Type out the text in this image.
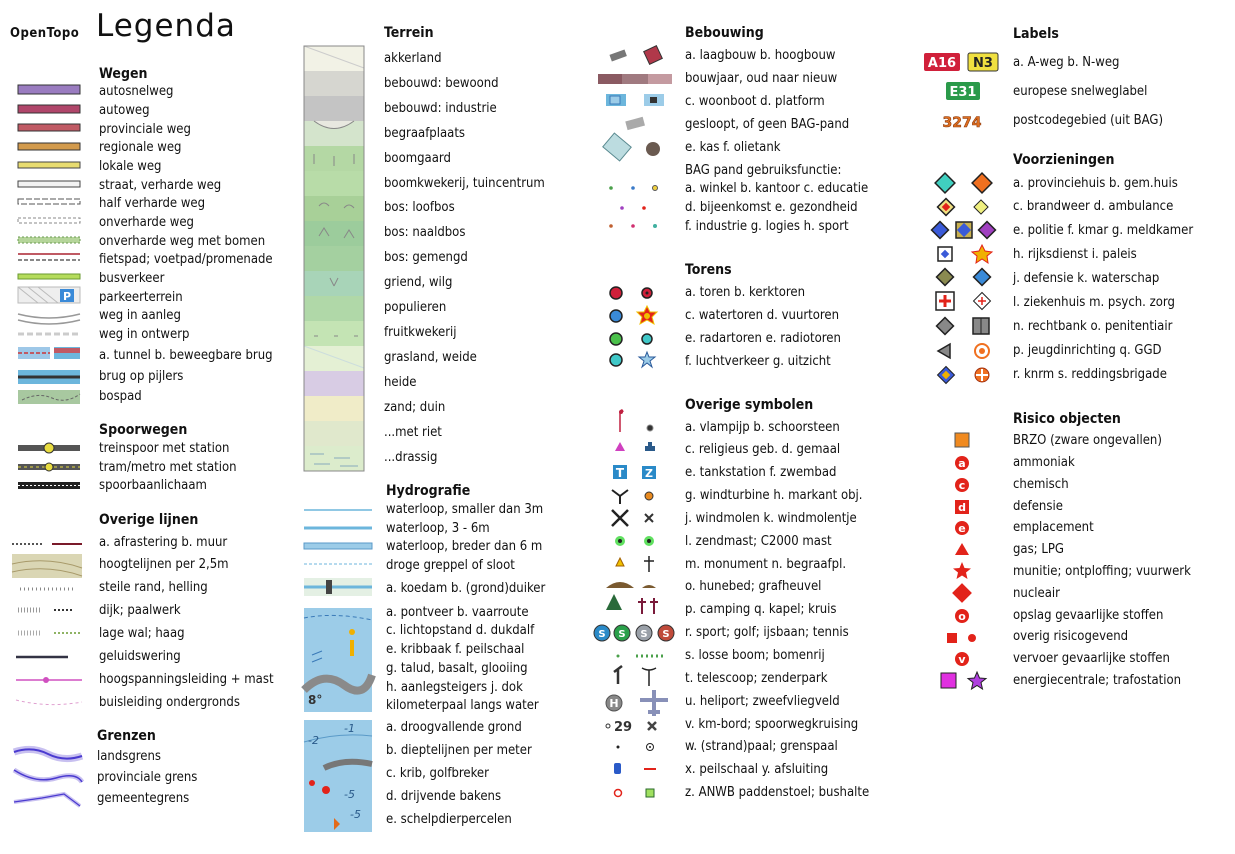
OpenTopo Legenda
Wegen
autosnelweg
autoweg
provinciale weg
regionale weg
lokale weg
straat, verharde weg
half verharde weg
onverharde weg
onverharde weg met bomen
fietspad; voetpad/promenade
busverkeer
parkeerterrein
weg in aanleg
weg in ontwerp
a. tunnel b. beweegbare brug
brug op pijlers
bospad
P
Spoorwegen
treinspoor met station
tram/metro met station
spoorbaanlichaam
Overige lijnen
a. afrastering b. muur
hoogtelijnen per 2,5m
steile rand, helling
dijk; paalwerk
lage wal; haag
geluidswering
hoogspanningsleiding + mast
buisleiding ondergronds
Grenzen
landsgrens
provinciale grens
gemeentegrens
Terrein
akkerland
bebouwd: bewoond
bebouwd: industrie
begraafplaats
boomgaard
boomkwekerij, tuincentrum
bos: loofbos
bos: naaldbos
bos: gemengd
griend, wilg
populieren
fruitkwekerij
grasland, weide
heide
zand; duin
...met riet
...drassig
Hydrografie
waterloop, smaller dan 3m
waterloop, 3 - 6m
waterloop, breder dan 6 m
droge greppel of sloot
a. koedam b. (grond)duiker
a. pontveer b. vaarroute
c. lichtopstand d. dukdalf
e. kribbaak f. peilschaal
g. talud, basalt, glooiing
h. aanlegsteigers j. dok
kilometerpaal langs water
a. droogvallende grond
b. dieptelijnen per meter
c. krib, golfbreker
d. drijvende bakens
e. schelpdierpercelen
8°
-1
-2
-5
-5
Bebouwing
a. laagbouw b. hoogbouw
bouwjaar, oud naar nieuw
c. woonboot d. platform
gesloopt, of geen BAG-pand
e. kas f. olietank
BAG pand gebruiksfunctie:
a. winkel b. kantoor c. educatie
d. bijeenkomst e. gezondheid
f. industrie g. logies h. sport
Torens
a. toren b. kerktoren
c. watertoren d. vuurtoren
e. radartoren e. radiotoren
f. luchtverkeer g. uitzicht
Overige symbolen
a. vlampijp b. schoorsteen
c. religieus geb. d. gemaal
e. tankstation f. zwembad
g. windturbine h. markant obj.
j. windmolen k. windmolentje
l. zendmast; C2000 mast
m. monument n. begraafpl.
o. hunebed; grafheuvel
p. camping q. kapel; kruis
r. sport; golf; ijsbaan; tennis
s. losse boom; bomenrij
t. telescoop; zenderpark
u. heliport; zweefvliegveld
v. km-bord; spoorwegkruising
w. (strand)paal; grenspaal
x. peilschaal y. afsluiting
z. ANWB paddenstoel; bushalte
T Z
S S S S
H
29
Labels
a. A-weg b. N-weg
europese snelweglabel
postcodegebied (uit BAG)
A16 N3
E31
3274
Voorzieningen
a. provinciehuis b. gem.huis
c. brandweer d. ambulance
e. politie f. kmar g. meldkamer
h. rijksdienst i. paleis
j. defensie k. waterschap
l. ziekenhuis m. psych. zorg
n. rechtbank o. penitentiair
p. jeugdinrichting q. GGD
r. knrm s. reddingsbrigade
Risico objecten
BRZO (zware ongevallen)
ammoniak
chemisch
defensie
emplacement
gas; LPG
munitie; ontploffing; vuurwerk
nucleair
opslag gevaarlijke stoffen
overig risicogevend
vervoer gevaarlijke stoffen
energiecentrale; trafostation
a
c
d
e
o
v
